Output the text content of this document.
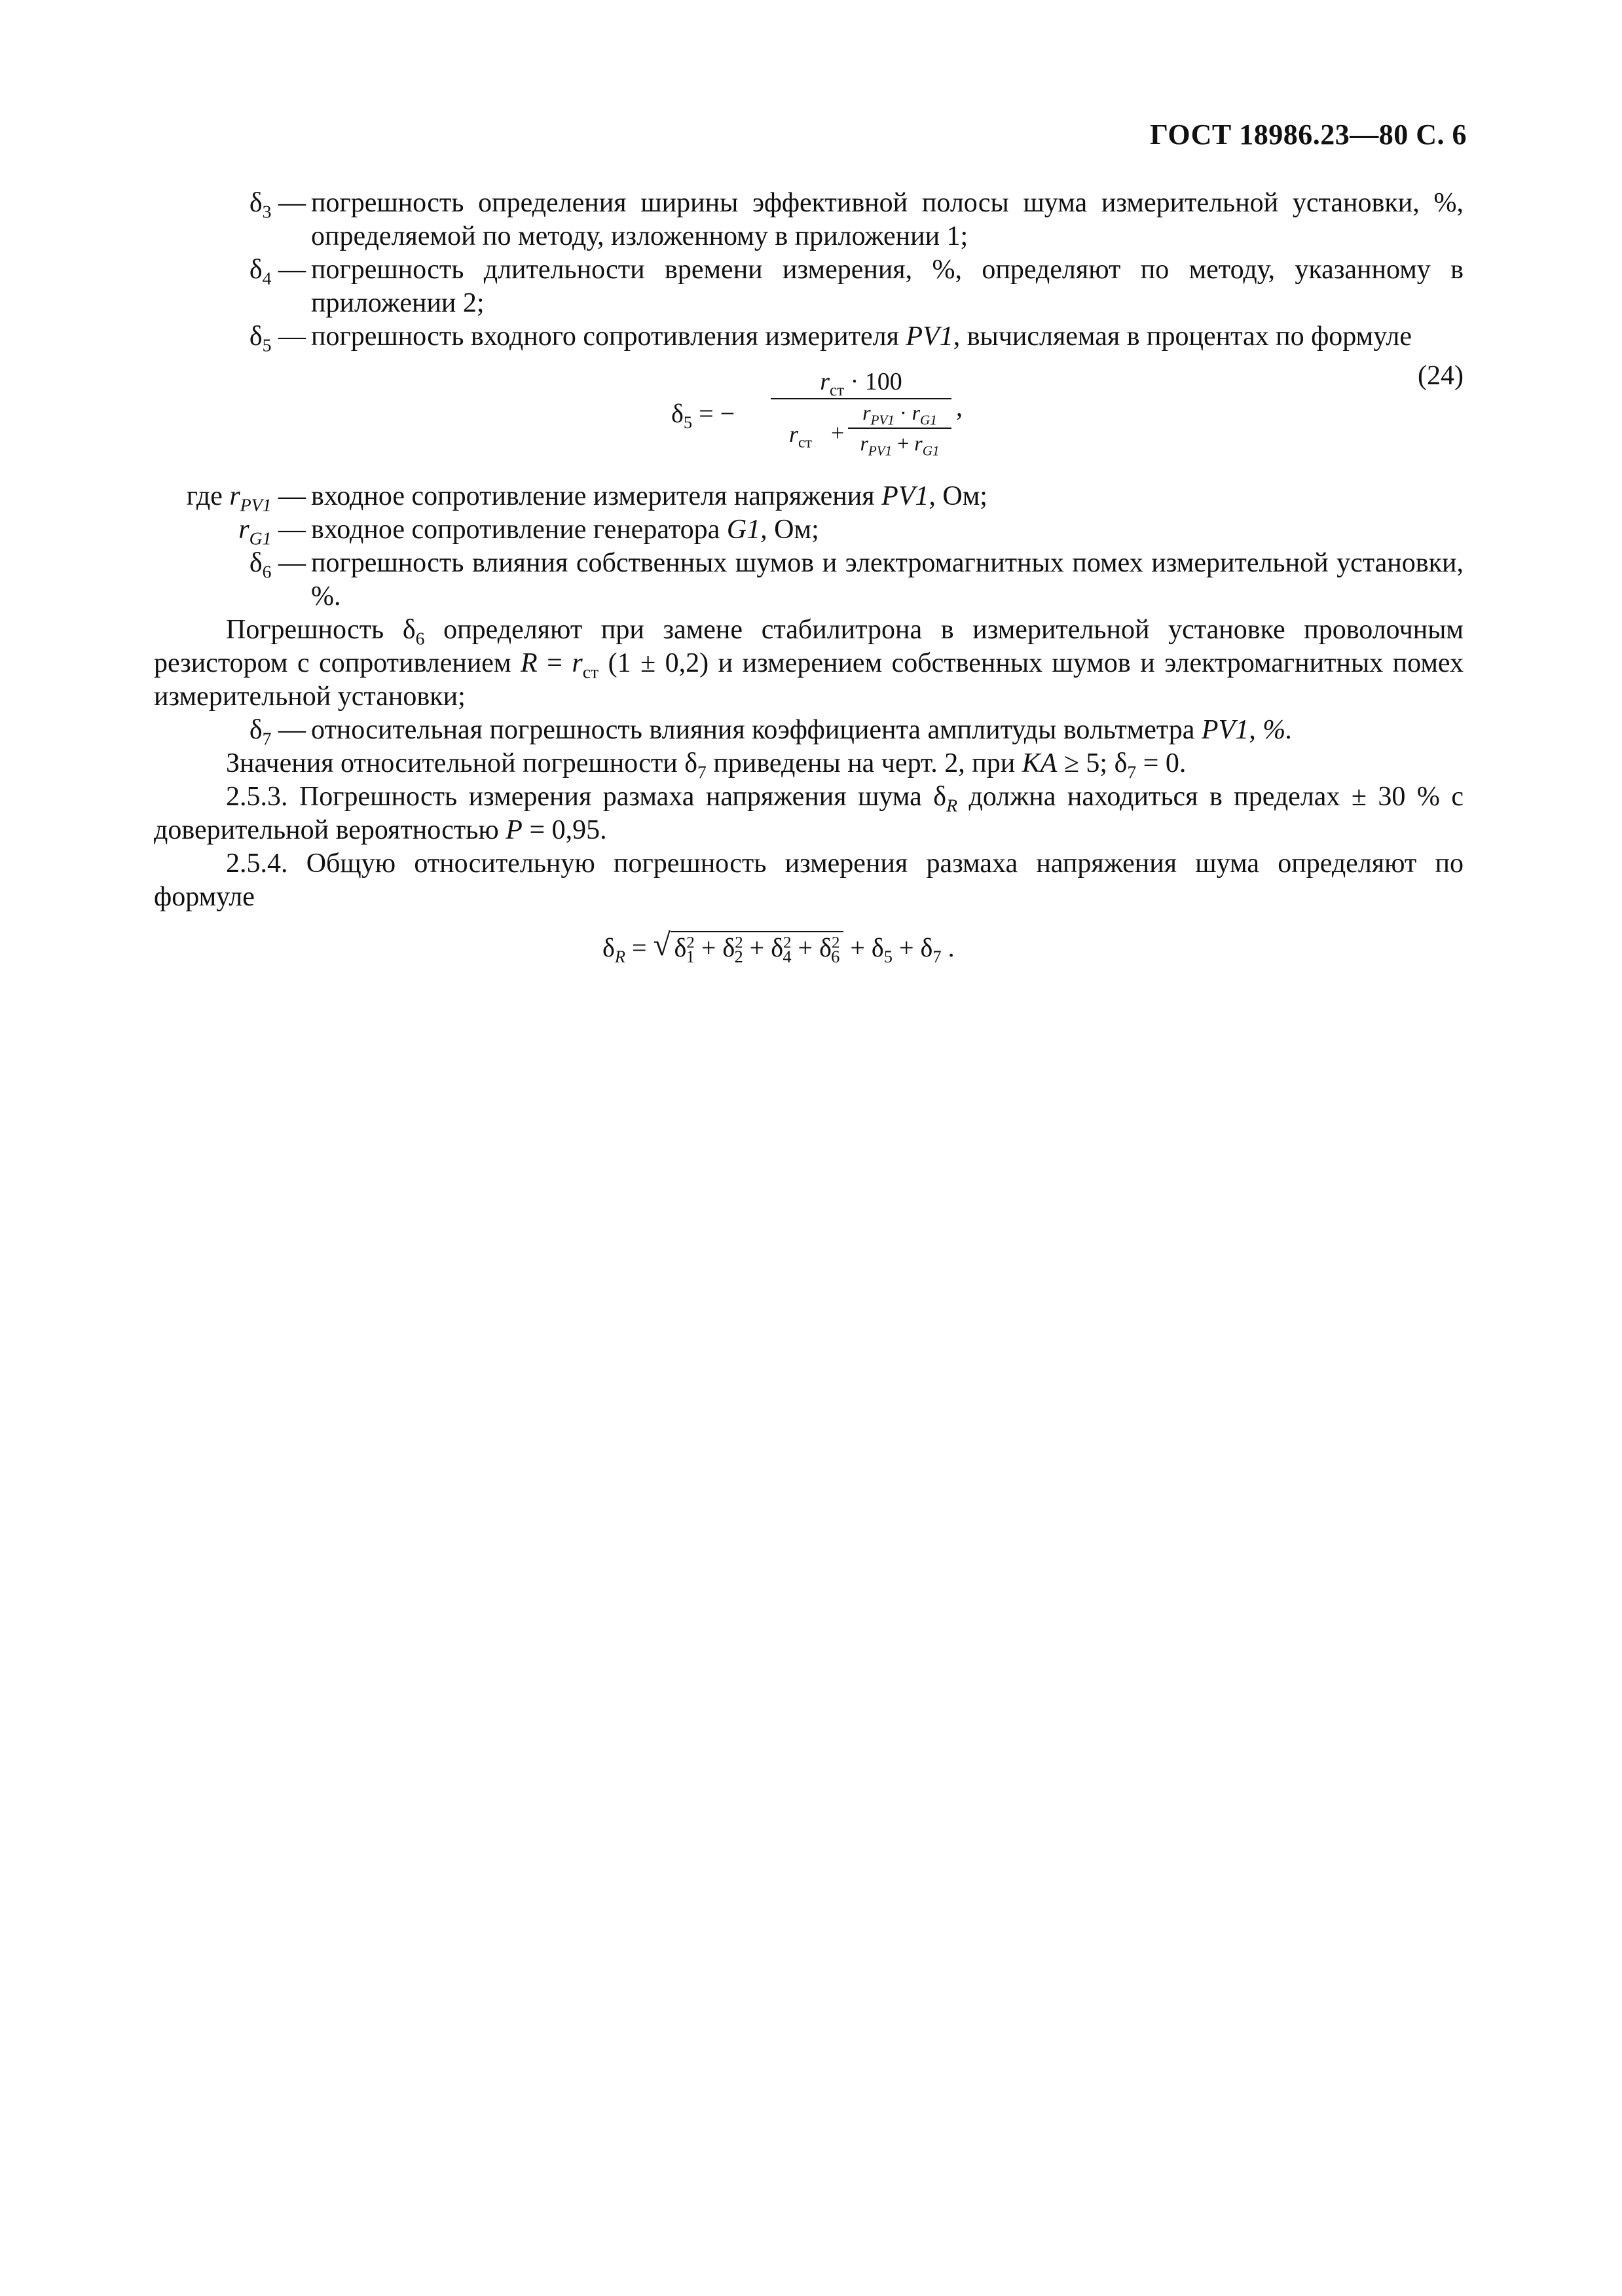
ГОСТ 18986.23—80 С. 6
$\delta_3$ — погрешность определения ширины эффективной полосы шума измерительной установки, %, определяемой по методу, изложенному в приложении 1;
$\delta_4$ — погрешность длительности времени измерения, %, определяют по методу, указанному в приложении 2;
$\delta_5$ — погрешность входного сопротивления измерителя PV1, вычисляемая в процентах по формуле
$\delta_5$ = −
$r_{ст} \cdot 100$
$r_{ст}$ +
$r_{PV1} \cdot r_{G1}$
$r_{PV1} + r_{G1}$
,
(24)
где $r_{PV1}$ — входное сопротивление измерителя напряжения PV1, Ом;
$r_{G1}$ — входное сопротивление генератора G1, Ом;
$\delta_6$ — погрешность влияния собственных шумов и электромагнитных помех измерительной установки, %.
Погрешность $\delta_6$ определяют при замене стабилитрона в измерительной установке проволочным резистором с сопротивлением $R = r_{ст}$ (1 ± 0,2) и измерением собственных шумов и электромагнитных помех измерительной установки;
$\delta_7$ — относительная погрешность влияния коэффициента амплитуды вольтметра PV1, %.
Значения относительной погрешности $\delta_7$ приведены на черт. 2, при KA ≥ 5; $\delta_7 = 0$.
2.5.3. Погрешность измерения размаха напряжения шума $\delta_R$ должна находиться в пределах ± 30 % с доверительной вероятностью P = 0,95.
2.5.4. Общую относительную погрешность измерения размаха напряжения шума определяют по формуле
$\delta_R$ = √ $\delta^2_1 + \delta^2_2 + \delta^2_4 + \delta^2_6 + \delta_5 + \delta_7$ .
